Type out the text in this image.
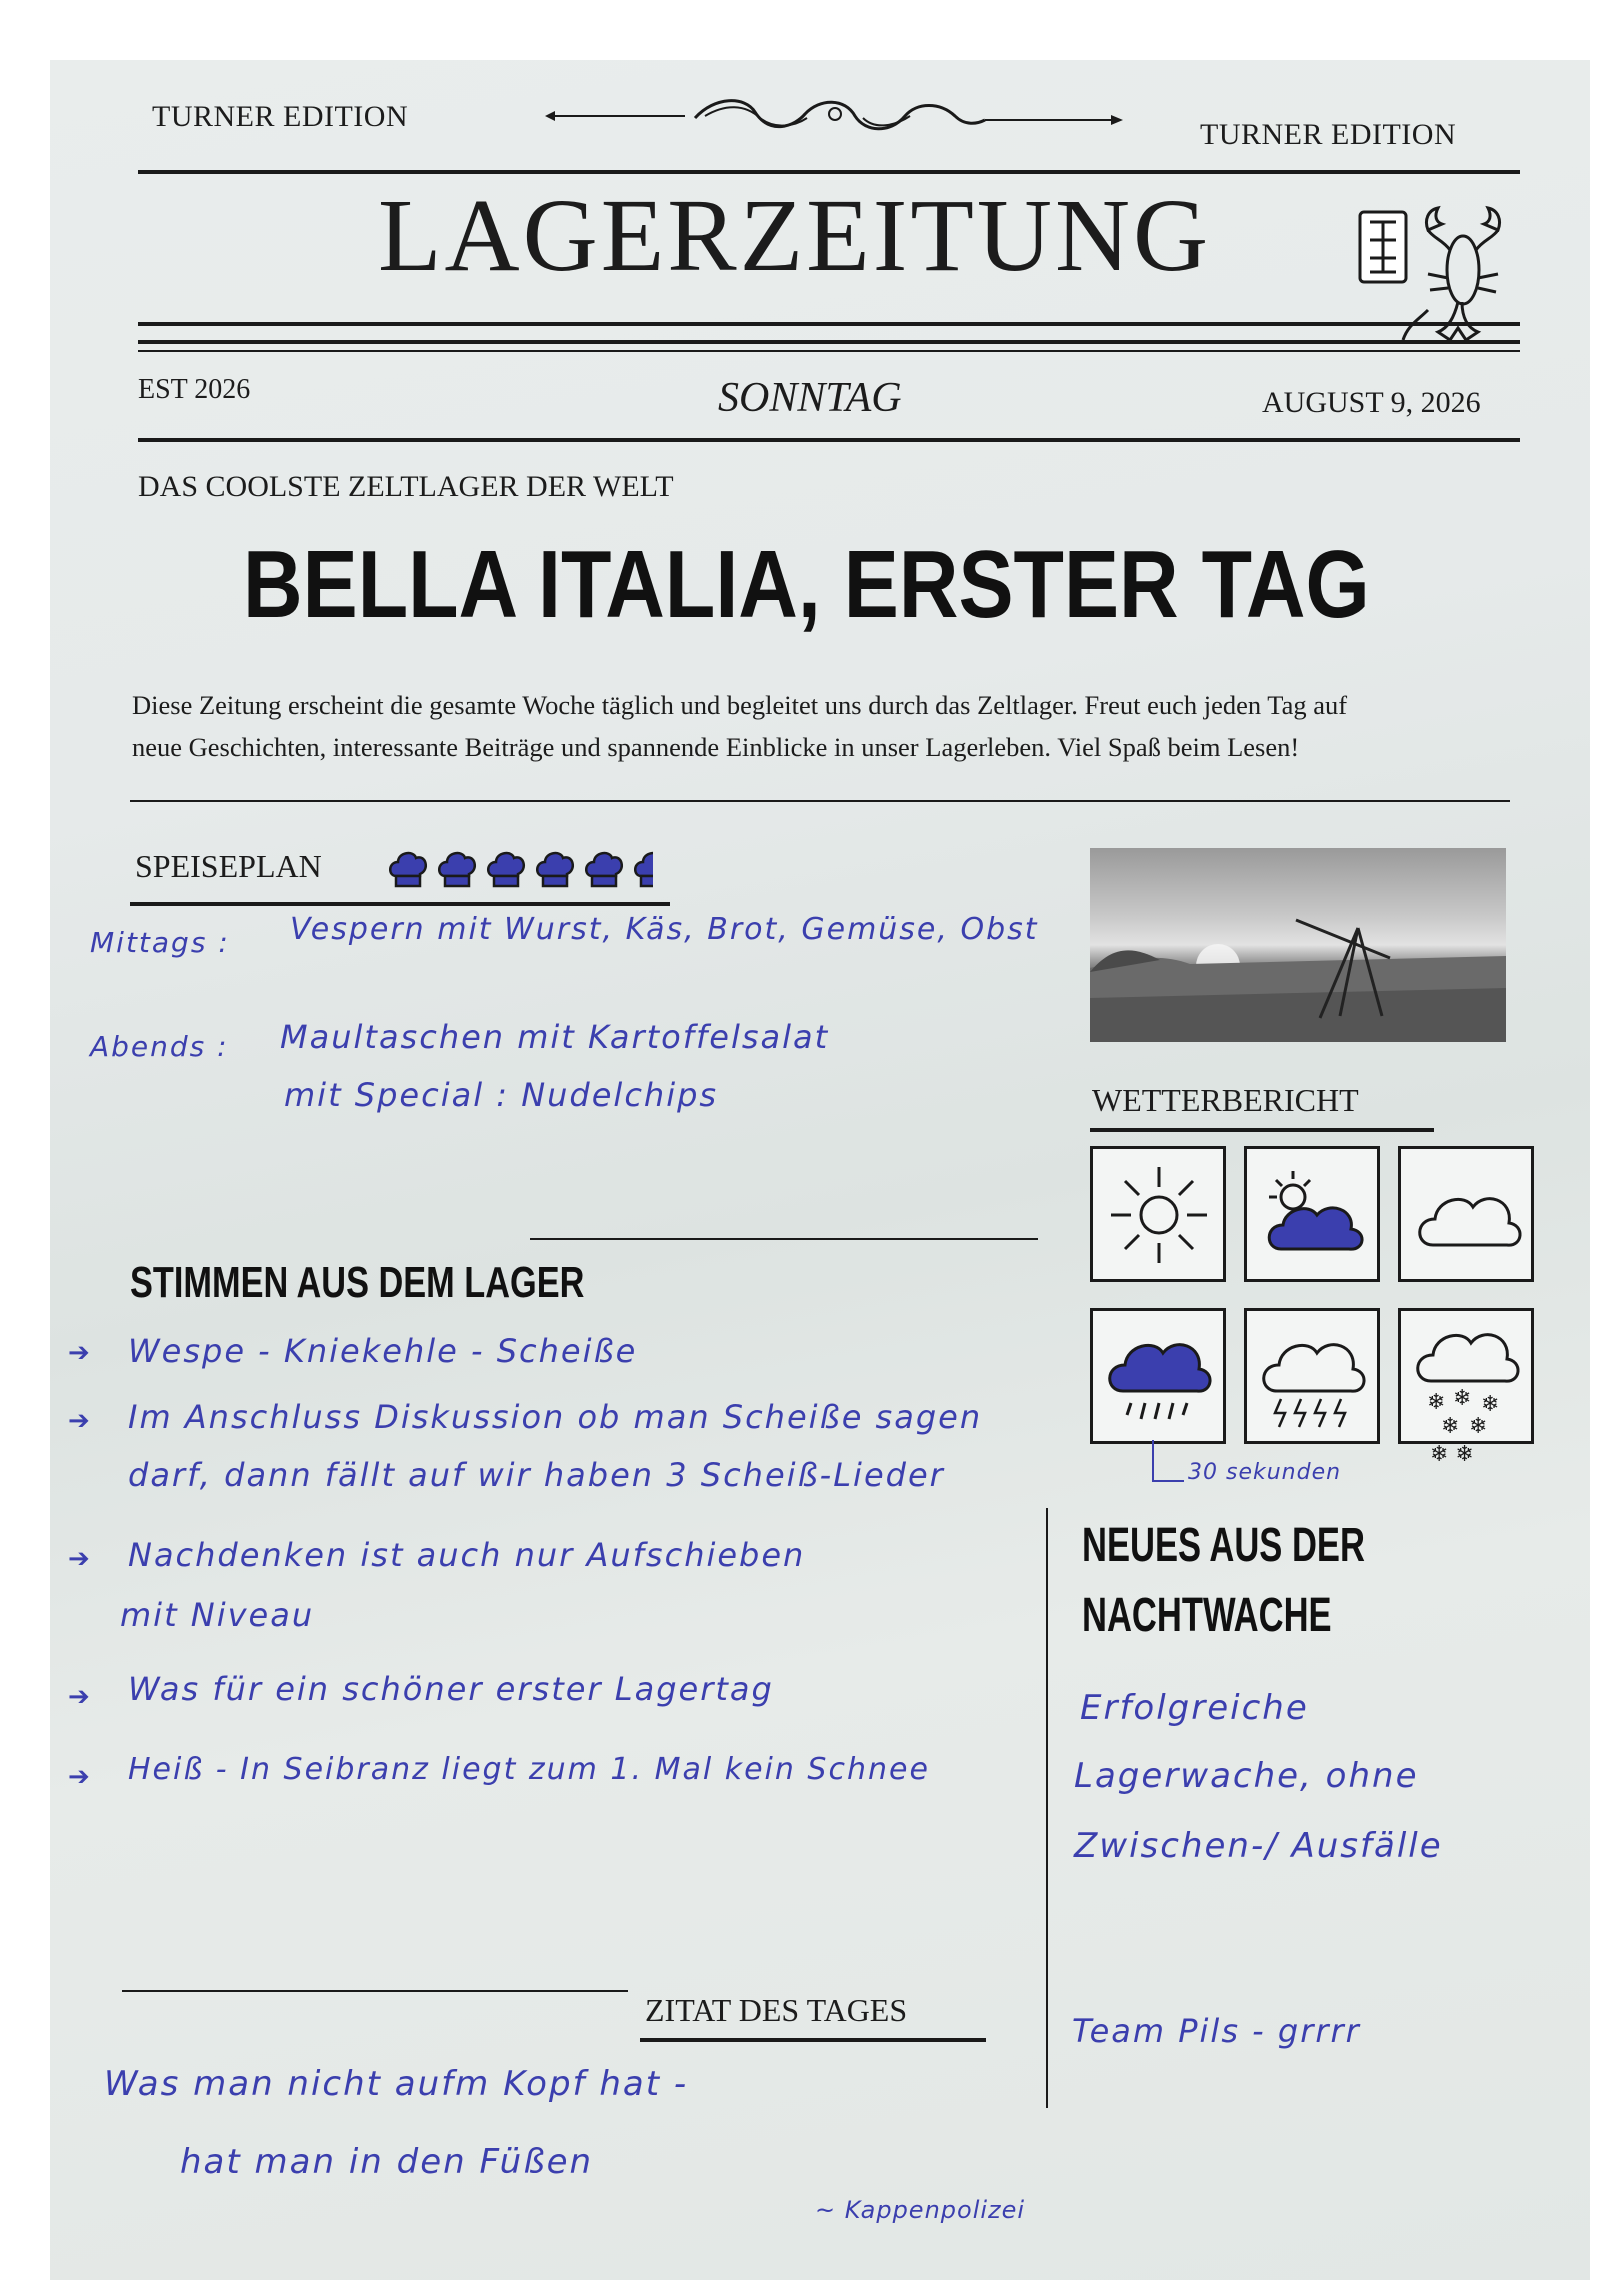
TURNER EDITION
TURNER EDITION
LAGERZEITUNG
EST 2026	SONNTAG	AUGUST 9, 2026
DAS COOLSTE ZELTLAGER DER WELT
BELLA ITALIA, ERSTER TAG
Diese Zeitung erscheint die gesamte Woche täglich und begleitet uns durch das Zeltlager. Freut euch jeden Tag auf
neue Geschichten, interessante Beiträge und spannende Einblicke in unser Lagerleben. Viel Spaß beim Lesen!
SPEISEPLAN
Mittags : Vespern mit Wurst, Käs, Brot, Gemüse, Obst
Abends : Maultaschen mit Kartoffelsalat
mit Special : Nudelchips	WETTERBERICHT
❄ ❄ ❄
❄ ❄
❄ ❄
30 sekunden
STIMMEN AUS DEM LAGER
➔ Wespe - Kniekehle - Scheiße
➔ Im Anschluss Diskussion ob man Scheiße sagen
darf, dann fällt auf wir haben 3 Scheiß-Lieder
➔ Nachdenken ist auch nur Aufschieben
mit Niveau
➔ Was für ein schöner erster Lagertag
➔ Heiß - In Seibranz liegt zum 1. Mal kein Schnee
NEUES AUS DER
NACHTWACHE
Erfolgreiche
Lagerwache, ohne
Zwischen-/ Ausfälle
Team Pils - grrrr
ZITAT DES TAGES
Was man nicht aufm Kopf hat -
hat man in den Füßen
~ Kappenpolizei
